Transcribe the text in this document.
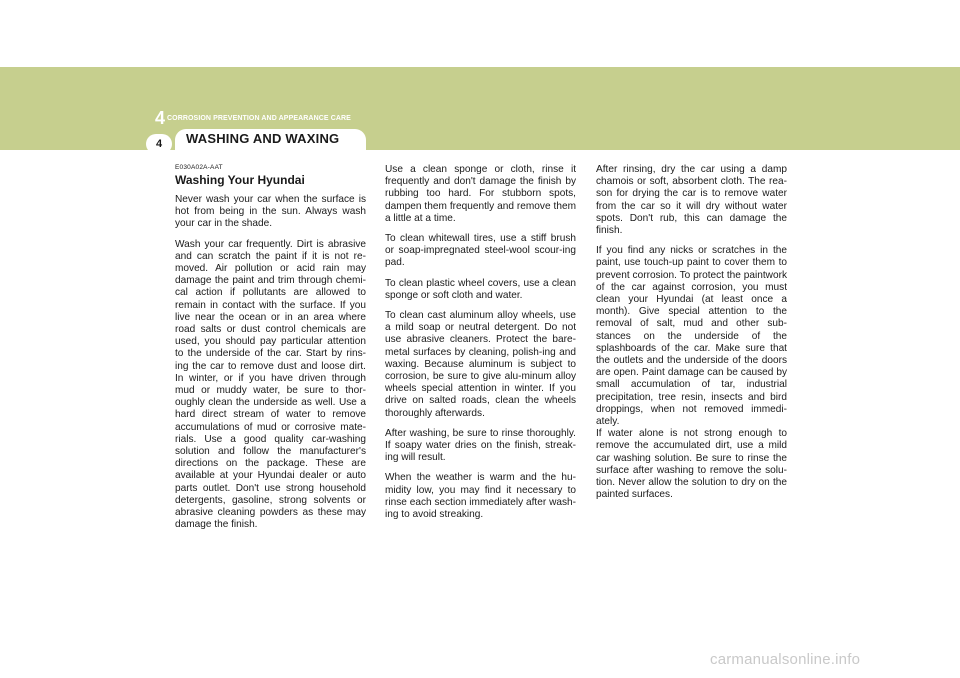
4 CORROSION PREVENTION AND APPEARANCE CARE
4	WASHING AND WAXING
E030A02A-AAT
Washing Your Hyundai

Never wash your car when the surface is hot from being in the sun. Always wash your car in the shade.

Wash your car frequently. Dirt is abrasive and can scratch the paint if it is not re-moved. Air pollution or acid rain may damage the paint and trim through chemi-cal action if pollutants are allowed to remain in contact with the surface. If you live near the ocean or in an area where road salts or dust control chemicals are used, you should pay particular attention to the underside of the car. Start by rins-ing the car to remove dust and loose dirt. In winter, or if you have driven through mud or muddy water, be sure to thor-oughly clean the underside as well. Use a hard direct stream of water to remove accumulations of mud or corrosive mate-rials. Use a good quality car-washing solution and follow the manufacturer's directions on the package. These are available at your Hyundai dealer or auto parts outlet. Don't use strong household detergents, gasoline, strong solvents or abrasive cleaning powders as these may damage the finish.

Use a clean sponge or cloth, rinse it frequently and don't damage the finish by rubbing too hard. For stubborn spots, dampen them frequently and remove them a little at a time.

To clean whitewall tires, use a stiff brush or soap-impregnated steel-wool scour-ing pad.

To clean plastic wheel covers, use a clean sponge or soft cloth and water.

To clean cast aluminum alloy wheels, use a mild soap or neutral detergent. Do not use abrasive cleaners. Protect the bare-metal surfaces by cleaning, polish-ing and waxing. Because aluminum is subject to corrosion, be sure to give alu-minum alloy wheels special attention in winter. If you drive on salted roads, clean the wheels thoroughly afterwards.

After washing, be sure to rinse thoroughly. If soapy water dries on the finish, streak-ing will result.

When the weather is warm and the hu-midity low, you may find it necessary to rinse each section immediately after wash-ing to avoid streaking.

After rinsing, dry the car using a damp chamois or soft, absorbent cloth. The rea-son for drying the car is to remove water from the car so it will dry without water spots. Don't rub, this can damage the finish.

If you find any nicks or scratches in the paint, use touch-up paint to cover them to prevent corrosion. To protect the paintwork of the car against corrosion, you must clean your Hyundai (at least once a month). Give special attention to the removal of salt, mud and other sub-stances on the underside of the splashboards of the car. Make sure that the outlets and the underside of the doors are open. Paint damage can be caused by small accumulation of tar, industrial precipitation, tree resin, insects and bird droppings, when not removed immedi-ately.

If water alone is not strong enough to remove the accumulated dirt, use a mild car washing solution. Be sure to rinse the surface after washing to remove the solu-tion. Never allow the solution to dry on the painted surfaces.

carmanualsonline.info
